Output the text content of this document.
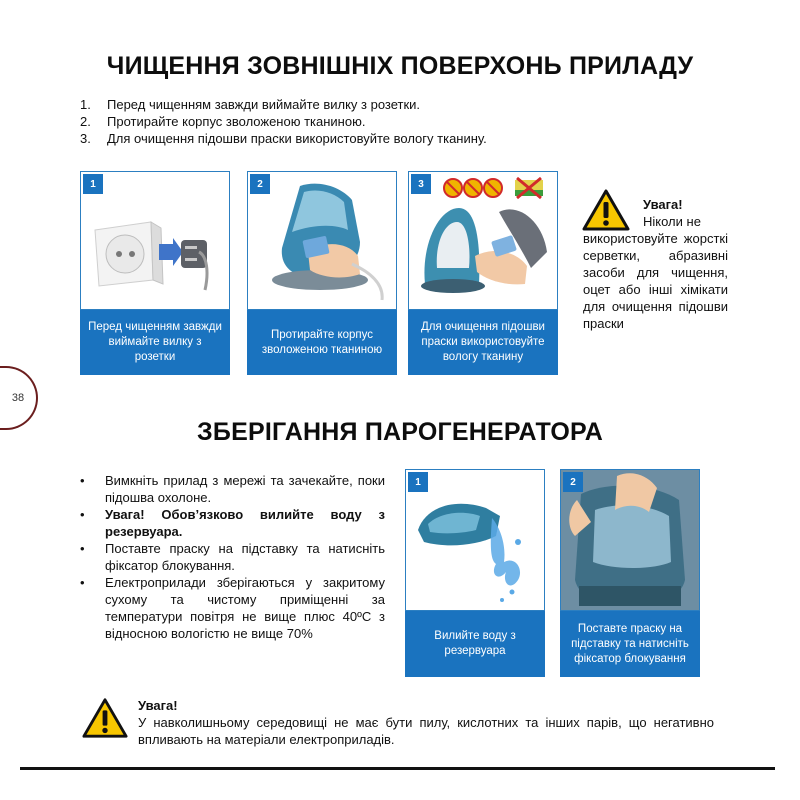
ЧИЩЕННЯ ЗОВНІШНІХ ПОВЕРХОНЬ ПРИЛАДУ
1.	Перед чищенням завжди виймайте вилку з розетки.
2.	Протирайте корпус зволоженою тканиною.
3.	Для очищення підошви праски використовуйте вологу тканину.
1
Перед чищенням завжди виймайте вилку з розетки
2
Протирайте корпус зволоженою тканиною
3
Для очищення підошви праски використовуйте вологу тканину
Увага!
Ніколи не
використовуйте жорсткі серветки, абразивні засоби для чищення, оцет або інші хімікати для очищення підошви праски
38
ЗБЕРІГАННЯ ПАРОГЕНЕРАТОРА
•	Вимкніть прилад з мережі та зачекайте, поки підошва охолоне.
•	Увага! Обов’язково вилийте воду з резервуара.
•	Поставте праску на підставку та натисніть фіксатор блокування.
•	Електроприлади зберігаються у закритому сухому та чистому приміщенні за температури повітря не вище плюс 40ºС з відносною вологістю не вище 70%
1
Вилийте воду з резервуара
2
Поставте праску на підставку та натисніть фіксатор блокування
Увага!
У навколишньому середовищі не має бути пилу, кислотних та інших парів, що негативно впливають на матеріали електроприладів.
